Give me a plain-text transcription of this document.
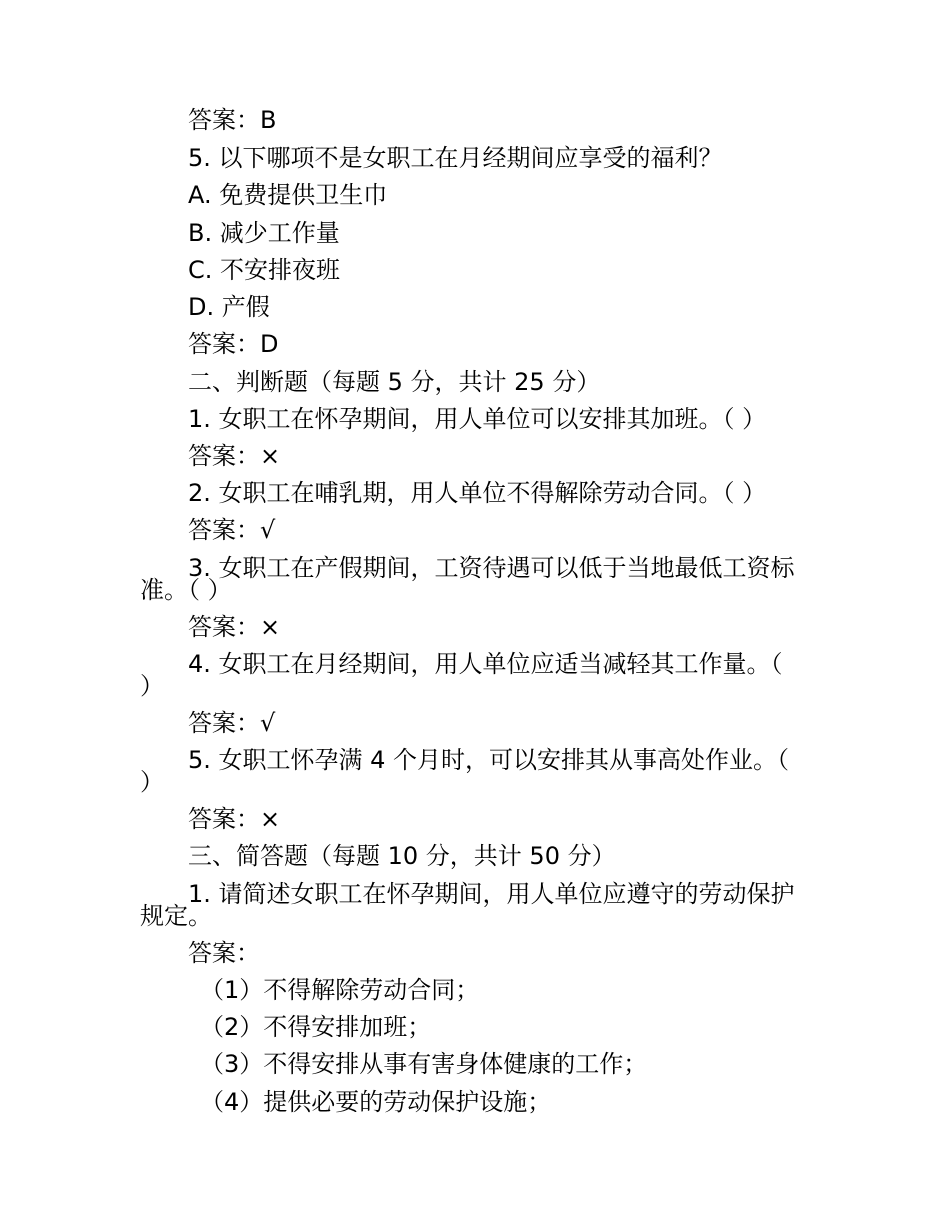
答案：B
5. 以下哪项不是女职工在月经期间应享受的福利？
A. 免费提供卫生巾
B. 减少工作量
C. 不安排夜班
D. 产假
答案：D
二、判断题（每题 5 分，共计 25 分）
1. 女职工在怀孕期间，用人单位可以安排其加班。（ ）
答案：×
2. 女职工在哺乳期，用人单位不得解除劳动合同。（ ）
答案：√
3. 女职工在产假期间，工资待遇可以低于当地最低工资标
准。（ ）
答案：×
4. 女职工在月经期间，用人单位应适当减轻其工作量。（
）
答案：√
5. 女职工怀孕满 4 个月时，可以安排其从事高处作业。（
）
答案：×
三、简答题（每题 10 分，共计 50 分）
1. 请简述女职工在怀孕期间，用人单位应遵守的劳动保护
规定。
答案：
（1）不得解除劳动合同；
（2）不得安排加班；
（3）不得安排从事有害身体健康的工作；
（4）提供必要的劳动保护设施；
